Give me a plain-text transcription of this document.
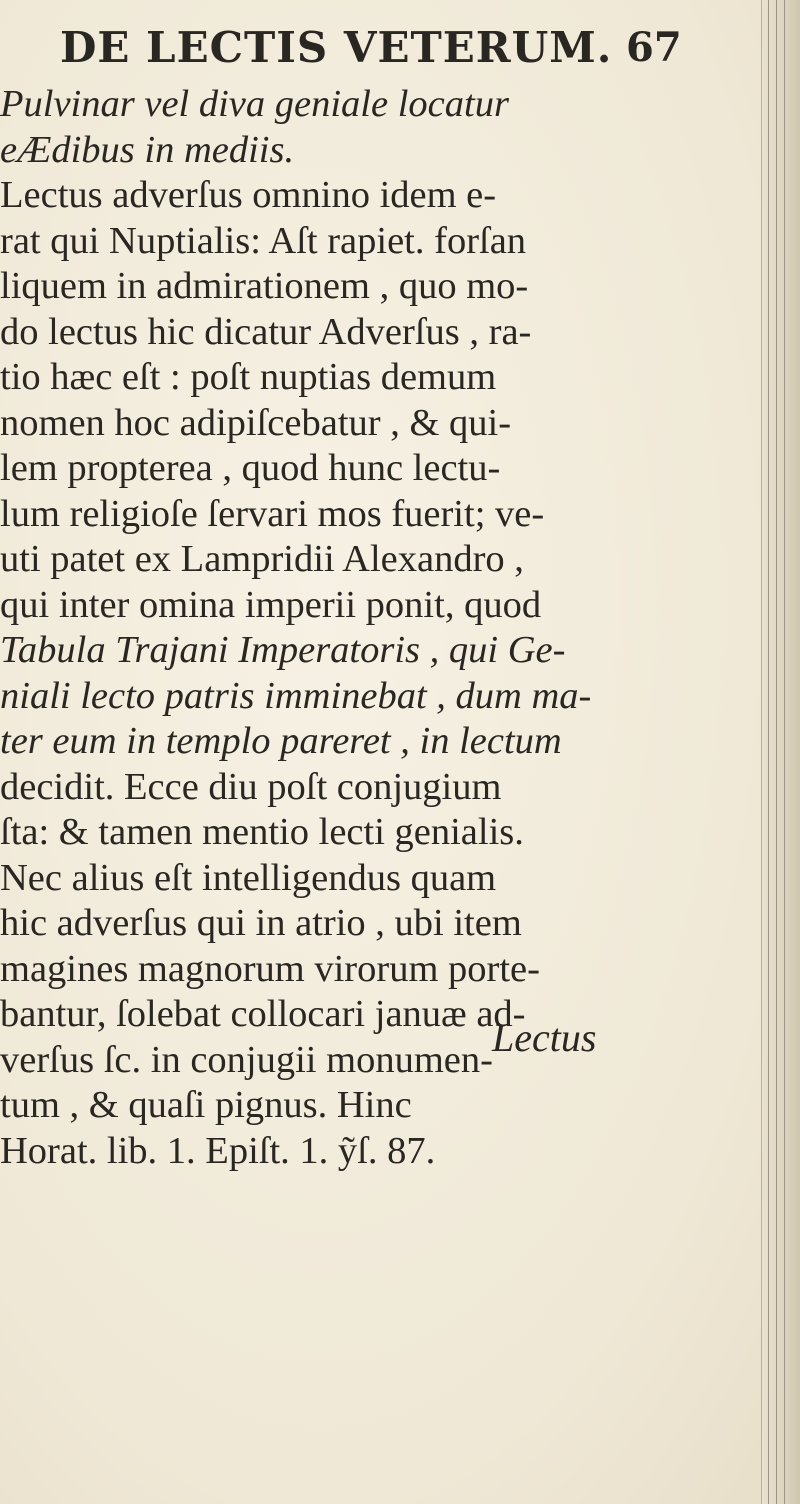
DE LECTIS VETERUM. 67
Pulvinar vel diva geniale locatur
eÆdibus in mediis.
Lectus adverſus omnino idem e-
rat qui Nuptialis: Aſt rapiet. forſan
liquem in admirationem , quo mo-
do lectus hic dicatur Adverſus , ra-
tio hæc eſt : poſt nuptias demum
nomen hoc adipiſcebatur , & qui-
lem propterea , quod hunc lectu-
lum religioſe ſervari mos fuerit; ve-
uti patet ex Lampridii Alexandro ,
qui inter omina imperii ponit, quod
Tabula Trajani Imperatoris , qui Ge-
niali lecto patris imminebat , dum ma-
ter eum in templo pareret , in lectum
decidit. Ecce diu poſt conjugium
ſta: & tamen mentio lecti genialis.
Nec alius eſt intelligendus quam
hic adverſus qui in atrio , ubi item
magines magnorum virorum porte-
bantur, ſolebat collocari januæ ad-
verſus ſc. in conjugii monumen-
tum , & quaſi pignus. Hinc
Horat. lib. 1. Epiſt. 1. ỹſ. 87.
Lectus
